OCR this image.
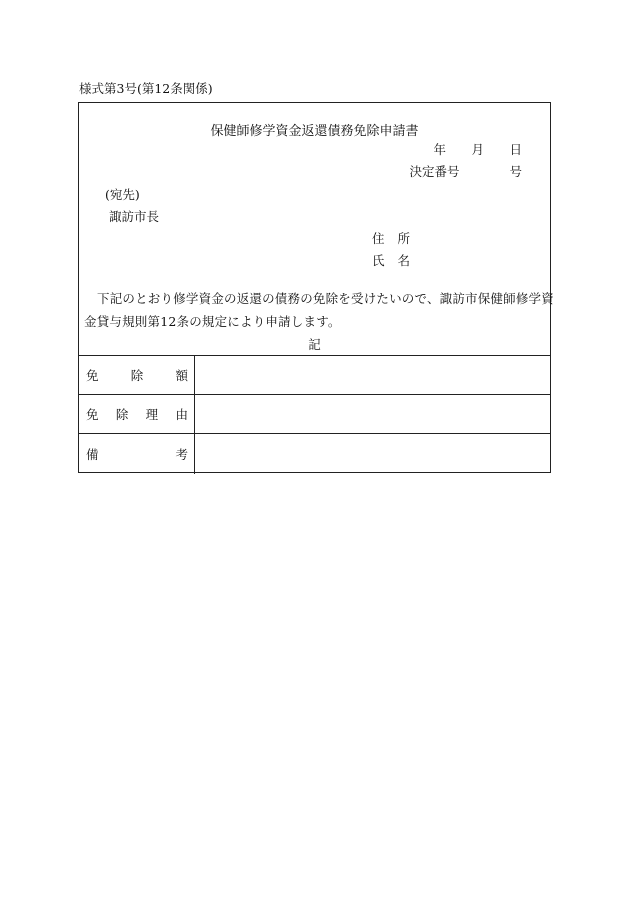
様式第3号(第12条関係)
保健師修学資金返還債務免除申請書
年	月	日
決定番号	号
(宛先)
諏訪市長
住所
氏名
下記のとおり修学資金の返還の債務の免除を受けたいので、諏訪市保健師修学資金貸与規則第12条の規定により申請します。
記
免	除	額
免 除 理 由
備	考
